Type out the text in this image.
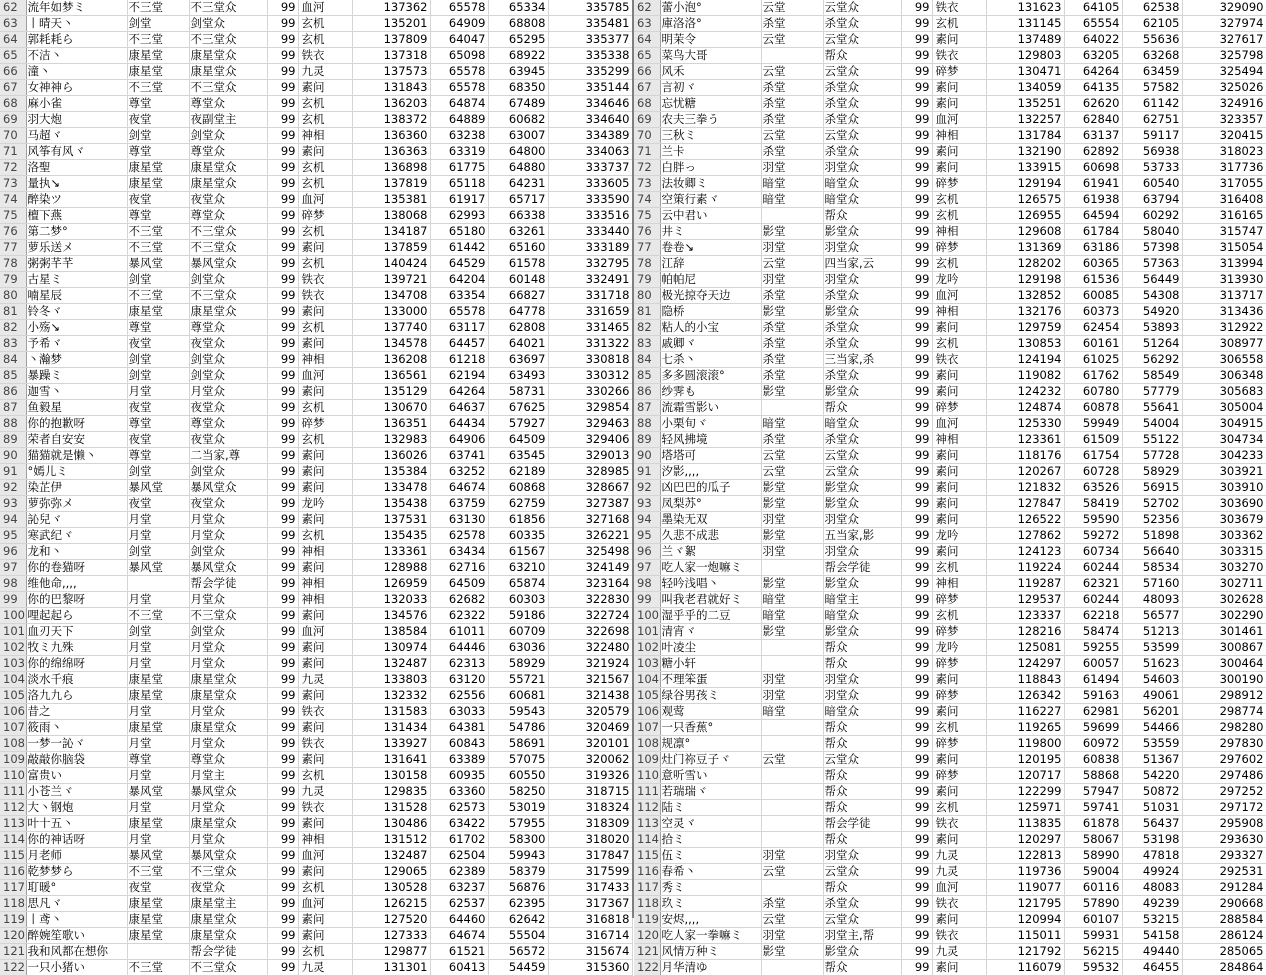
62	流年如梦ミ	不三堂	不三堂众	99	血河	137362	65578	65334	335785
63	丨晴天丶	剑堂	剑堂众	99	玄机	135201	64909	68808	335481
64	郭耗耗ら	不三堂	不三堂众	99	玄机	137809	64047	65295	335377
65	不洁丶	康星堂	康星堂众	99	铁衣	137318	65098	68922	335338
66	潼丶	康星堂	康星堂众	99	九灵	137573	65578	63945	335299
67	女神神ら	不三堂	不三堂众	99	素问	131843	65578	68350	335144
68	麻小雀	尊堂	尊堂众	99	玄机	136203	64874	67489	334646
69	羽大炮	夜堂	夜副堂主	99	玄机	138372	64889	60682	334640
70	马超ヾ	剑堂	剑堂众	99	神相	136360	63238	63007	334389
71	风筝有风ヾ	尊堂	尊堂众	99	素问	136363	63319	64800	334063
72	洛聖	康星堂	康星堂众	99	玄机	136898	61775	64880	333737
73	量执↘	康星堂	康星堂众	99	玄机	137819	65118	64231	333605
74	醉染ツ	夜堂	夜堂众	99	血河	135381	61917	65717	333590
75	檀下燕	尊堂	尊堂众	99	碎梦	138068	62993	66338	333516
76	第二梦°	不三堂	不三堂众	99	玄机	134187	65180	63261	333440
77	萝乐送メ	不三堂	不三堂众	99	素问	137859	61442	65160	333189
78	粥粥芊芊	暴风堂	暴风堂众	99	玄机	140424	64529	61578	332795
79	古星ミ	剑堂	剑堂众	99	铁衣	139721	64204	60148	332491
80	喃星辰	不三堂	不三堂众	99	铁衣	134708	63354	66827	331718
81	铃冬ヾ	康星堂	康星堂众	99	素问	133000	65578	64778	331659
82	小殇↘	尊堂	尊堂众	99	玄机	137740	63117	62808	331465
83	予希ヾ	夜堂	夜堂众	99	素问	134578	64457	64021	331322
84	丶瀚梦	剑堂	剑堂众	99	神相	136208	61218	63697	330818
85	暴躁ミ	剑堂	剑堂众	99	血河	136561	62194	63493	330312
86	迦雪丶	月堂	月堂众	99	素问	135129	64264	58731	330266
87	鱼毅星	夜堂	夜堂众	99	玄机	130670	64637	67625	329854
88	你的抱歉呀	尊堂	尊堂众	99	碎梦	136351	64434	57927	329463
89	荣者自安安	夜堂	夜堂众	99	玄机	132983	64906	64509	329406
90	猫猫就是懒丶	尊堂	二当家,尊	99	素问	136026	63741	63545	329013
91	°嫣儿ミ	剑堂	剑堂众	99	素问	135384	63252	62189	328985
92	染芷伊	暴风堂	暴风堂众	99	素问	133478	64674	60868	328667
93	萝弥弥メ	夜堂	夜堂众	99	龙吟	135438	63759	62759	327387
94	訫兒ヾ	月堂	月堂众	99	素问	137531	63130	61856	327168
95	寒武纪ヾ	月堂	月堂众	99	玄机	135435	62578	60335	326221
96	龙和丶	剑堂	剑堂众	99	神相	133361	63434	61567	325498
97	你的卷猫呀	暴风堂	暴风堂众	99	素问	128988	62716	63210	324149
98	维他命,,,,		帮会学徒	99	神相	126959	64509	65874	323164
99	你的巴黎呀	月堂	月堂众	99	神相	132033	62682	60303	322830
100	哩起起ら	不三堂	不三堂众	99	素问	134576	62322	59186	322724
101	血刃天下	剑堂	剑堂众	99	血河	138584	61011	60709	322698
102	牧ミ九殊	月堂	月堂众	99	素问	130974	64446	63036	322480
103	你的绵绵呀	月堂	月堂众	99	素问	132487	62313	58929	321924
104	淡水千痕	康星堂	康星堂众	99	九灵	133803	63120	55721	321567
105	洛九九ら	康星堂	康星堂众	99	素问	132332	62556	60681	321438
106	昔之	月堂	月堂众	99	铁衣	131583	63033	59543	320579
107	筱雨丶	康星堂	康星堂众	99	素问	131434	64381	54786	320469
108	一梦一訫ヾ	月堂	月堂众	99	铁衣	133927	60843	58691	320101
109	敲敲你脑袋	尊堂	尊堂众	99	素问	131641	63389	57075	320062
110	富贵い	月堂	月堂主	99	玄机	130158	60935	60550	319326
111	小苍兰ヾ	暴风堂	暴风堂众	99	九灵	129835	63360	58250	318715
112	大丶钢炮	月堂	月堂众	99	铁衣	131528	62573	53019	318324
113	叶十五丶	康星堂	康星堂众	99	素问	130486	63422	57955	318309
114	你的神话呀	月堂	月堂众	99	神相	131512	61702	58300	318020
115	月老师	暴风堂	暴风堂众	99	血河	132487	62504	59943	317847
116	乾梦梦ら	不三堂	不三堂众	99	素问	129065	62389	58379	317599
117	耵暖°	夜堂	夜堂众	99	玄机	130528	63237	56876	317433
118	思凡ヾ	康星堂	康星堂主	99	血河	126215	62537	62395	317367
119	丨鸢丶	康星堂	康星堂众	99	素问	127520	64460	62642	316818
120	醉婉笙歌い	康星堂	康星堂众	99	素问	127333	64674	55504	316714
121	我和风都在想你		帮会学徒	99	玄机	129877	61521	56572	315674
122	一只小猪い	不三堂	不三堂众	99	九灵	131301	60413	54459	315360
62	蕾小泡°	云堂	云堂众	99	铁衣	131623	64105	62538	329090
63	庫洛洛°	杀堂	杀堂众	99	玄机	131145	65554	62105	327974
64	明茉令	云堂	云堂众	99	素问	137489	64022	55636	327617
65	菜鸟大哥		帮众	99	铁衣	129803	63205	63268	325798
66	风禾	云堂	云堂众	99	碎梦	130471	64264	63459	325494
67	言初ヾ	杀堂	杀堂众	99	素问	134059	64135	57582	325026
68	忘忧糖	杀堂	杀堂众	99	素问	135251	62620	61142	324916
69	农夫三拳う	杀堂	杀堂众	99	血河	132257	62840	62751	323357
70	三秋ミ	云堂	云堂众	99	神相	131784	63137	59117	320415
71	兰卡	杀堂	杀堂众	99	素问	132190	62892	56938	318023
72	白胖っ	羽堂	羽堂众	99	素问	133915	60698	53733	317736
73	法妆卿ミ	暗堂	暗堂众	99	碎梦	129194	61941	60540	317055
74	空策行素ヾ	暗堂	暗堂众	99	玄机	126575	61938	63794	316408
75	云中君い		帮众	99	玄机	126955	64594	60292	316165
76	井ミ	影堂	影堂众	99	神相	129608	61784	58040	315747
77	卷卷↘	羽堂	羽堂众	99	碎梦	131369	63186	57398	315054
78	江辞	云堂	四当家,云	99	玄机	128202	60365	57363	313994
79	帕帕尼	羽堂	羽堂众	99	龙吟	129198	61536	56449	313930
80	极光掠夺天边	杀堂	杀堂众	99	血河	132852	60085	54308	313717
81	隐桥	影堂	影堂众	99	神相	132176	60373	54920	313436
82	粘人的小宝	杀堂	杀堂众	99	素问	129759	62454	53893	312922
83	戚卿ヾ	杀堂	杀堂众	99	玄机	130853	60161	51264	308977
84	七杀丶	杀堂	三当家,杀	99	铁衣	124194	61025	56292	306558
85	多多圆滚滚°	杀堂	杀堂众	99	素问	119082	61762	58549	306348
86	纱霁も	影堂	影堂众	99	素问	124232	60780	57779	305683
87	流霜雪影い		帮众	99	碎梦	124874	60878	55641	305004
88	小栗旬ヾ	暗堂	暗堂众	99	血河	125330	59949	54004	304915
89	轻风拂境	杀堂	杀堂众	99	神相	123361	61509	55122	304734
90	塔塔可	云堂	云堂众	99	素问	118176	61754	57728	304233
91	汐影,,,,	云堂	云堂众	99	素问	120267	60728	58929	303921
92	凶巴巴的瓜子	影堂	影堂众	99	素问	121832	63526	56915	303910
93	凤梨苏°	影堂	影堂众	99	素问	127847	58419	52702	303690
94	墨染无双	羽堂	羽堂众	99	素问	126522	59590	52356	303679
95	久悲不成悲	影堂	五当家,影	99	龙吟	127862	59272	51898	303362
96	兰ヾ絮	羽堂	羽堂众	99	素问	124123	60734	56640	303315
97	吃人家一炮嘛ミ		帮会学徒	99	玄机	119224	60244	58534	303270
98	轻吟浅唱丶	影堂	影堂众	99	神相	119287	62321	57160	302711
99	叫我老君就好ミ	暗堂	暗堂主	99	碎梦	129537	60244	48093	302628
100	湿乎乎的二豆	暗堂	暗堂众	99	玄机	123337	62218	56577	302290
101	清宵ヾ	影堂	影堂众	99	碎梦	128216	58474	51213	301461
102	叶凌尘		帮众	99	龙吟	125081	59255	53599	300867
103	糖小轩		帮众	99	碎梦	124297	60057	51623	300464
104	不理笨蛋	羽堂	羽堂众	99	素问	118843	61494	54603	300190
105	绿谷男孩ミ	羽堂	羽堂众	99	碎梦	126342	59163	49061	298912
106	观莺	暗堂	暗堂众	99	素问	116227	62981	56201	298774
107	一只香蕉°		帮众	99	玄机	119265	59699	54466	298280
108	规凛°		帮众	99	碎梦	119800	60972	53559	297830
109	灶门祢豆子ヾ	云堂	云堂众	99	素问	120195	60838	51367	297602
110	意听雪い		帮众	99	碎梦	120717	58868	54220	297486
111	若瑞瑞ヾ		帮众	99	素问	122299	57947	50872	297252
112	陆ミ		帮众	99	玄机	125971	59741	51031	297172
113	空灵ヾ		帮会学徒	99	铁衣	113835	61878	56437	295908
114	拾ミ		帮众	99	素问	120297	58067	53198	293630
115	伍ミ	羽堂	羽堂众	99	九灵	122813	58990	47818	293327
116	春希丶	云堂	云堂众	99	九灵	119736	59004	49924	292531
117	秀ミ		帮众	99	血河	119077	60116	48083	291284
118	玖ミ	杀堂	杀堂众	99	铁衣	121795	57890	49239	290668
119	安烬,,,,	云堂	云堂众	99	素问	120994	60107	53215	288584
120	吃人家一拳嘛ミ	羽堂	羽堂主,帮	99	铁衣	115011	59931	54158	286124
121	风情万种ミ	影堂	影堂众	99	九灵	121792	56215	49440	285065
122	月华清ゆ		帮众	99	素问	116079	59532	46455	284864
